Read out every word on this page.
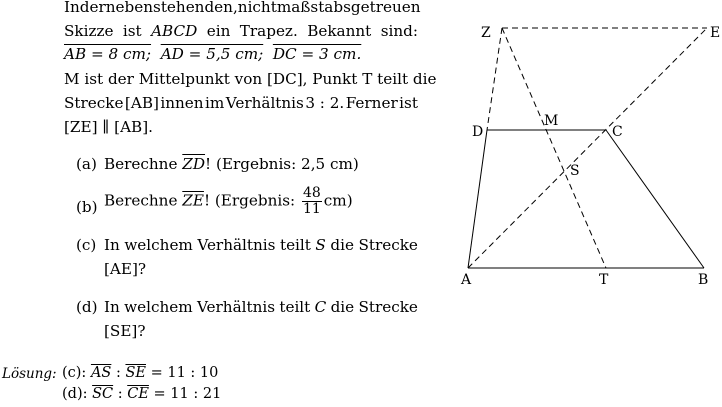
In der nebenstehenden, nicht maßstabsgetreuen
Skizze ist ABCD ein Trapez. Bekannt sind:
AB = 8 cm; AD = 5,5 cm; DC = 3 cm.
M ist der Mittelpunkt von [DC], Punkt T teilt die
Strecke [AB] innen im Verhältnis 3 : 2. Ferner ist
[ZE] ∥ [AB].
(a) Berechne $\overline{ZD}$! (Ergebnis: 2,5 cm)
(b) Berechne $\overline{ZE}$! (Ergebnis: $\frac{48}{11} cm$)
(c) In welchem Verhältnis teilt S die Strecke
[AE]?
(d) In welchem Verhältnis teilt C die Strecke
[SE]?
Lösung: (c): $\overline{AS}$ : $\overline{SE} = 11$ : 10
(d): $\overline{SC}$ : $\overline{CE} = 11$ : 21
Z	E
D
M
C
S
A	T	B
